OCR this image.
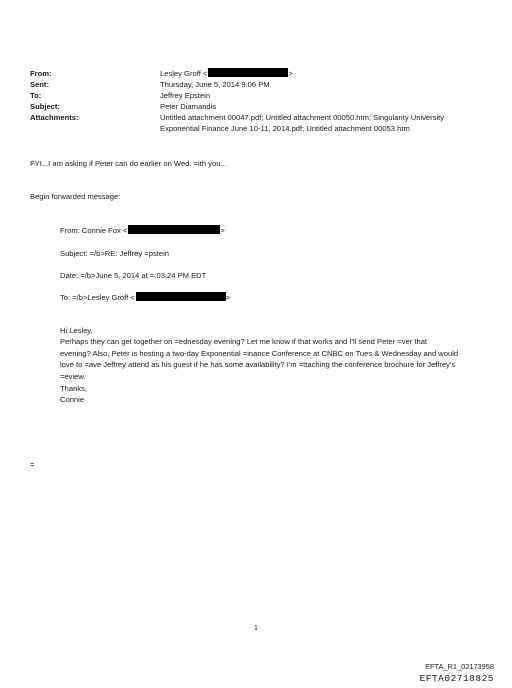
From:	Lesley Groff <	>
Sent:	Thursday, June 5, 2014 9:06 PM
To:	Jeffrey Epstein
Subject:	Peter Diamandis
Attachments:	Untitled attachment 00047.pdf; Untitled attachment 00050.htm; Singularity University
Exponential Finance June 10-11, 2014.pdf; Untitled attachment 00053.htm
FYI...I am asking if Peter can do earlier on Wed. =ith you...
Begin forwarded message:
From: Connie Fox <	>
Subject: =/b>RE: Jeffrey =pstein
Date: =/b>June 5, 2014 at =:03:24 PM EDT
To: =/b>Lesley Groff <	>
Hi Lesley,
Perhaps they can get together on =ednesday evening? Let me know if that works and I'll send Peter =ver that
evening? Also, Peter is hosting a two-day Exponential =inance Conference at CNBC on Tues & Wednesday and would
love to =ave Jeffrey attend as his guest if he has some availability? I'm =ttaching the conference brochure for Jeffrey's
=eview.
Thanks,
Connie
=
1
EFTA_R1_02173958
EFTA02718825
